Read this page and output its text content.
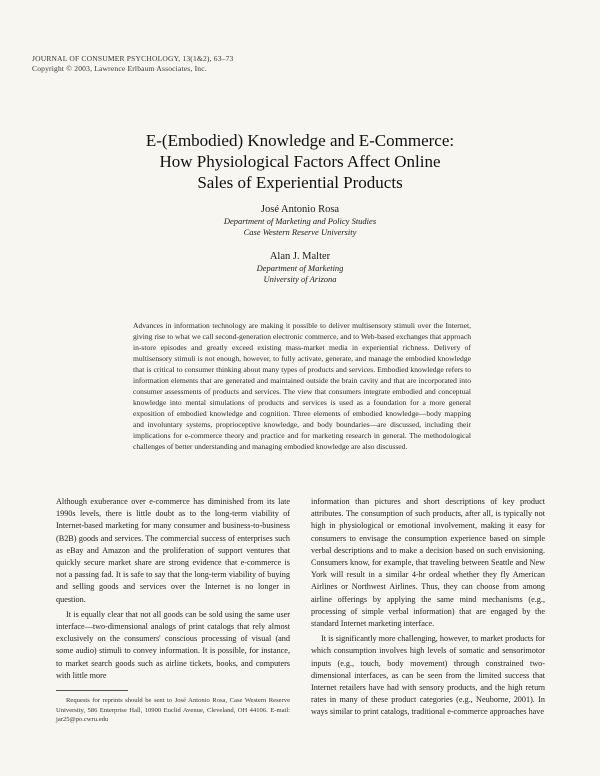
JOURNAL OF CONSUMER PSYCHOLOGY, 13(1&2), 63–73
Copyright © 2003, Lawrence Erlbaum Associates, Inc.
E-(Embodied) Knowledge and E-Commerce:
How Physiological Factors Affect Online
Sales of Experiential Products
José Antonio Rosa
Department of Marketing and Policy Studies
Case Western Reserve University
Alan J. Malter
Department of Marketing
University of Arizona
Advances in information technology are making it possible to deliver multisensory stimuli over the Internet, giving rise to what we call second-generation electronic commerce, and to Web-based exchanges that approach in-store episodes and greatly exceed existing mass-market media in experiential richness. Delivery of multisensory stimuli is not enough, however, to fully activate, generate, and manage the embodied knowledge that is critical to consumer thinking about many types of products and services. Embodied knowledge refers to information elements that are generated and maintained outside the brain cavity and that are incorporated into consumer assessments of products and services. The view that consumers integrate embodied and conceptual knowledge into mental simulations of products and services is used as a foundation for a more general exposition of embodied knowledge and cognition. Three elements of embodied knowledge—body mapping and involuntary systems, proprioceptive knowledge, and body boundaries—are discussed, including their implications for e-commerce theory and practice and for marketing research in general. The methodological challenges of better understanding and managing embodied knowledge are also discussed.

Although exuberance over e-commerce has diminished from its late 1990s levels, there is little doubt as to the long-term viability of Internet-based marketing for many consumer and business-to-business (B2B) goods and services. The commercial success of enterprises such as eBay and Amazon and the proliferation of support ventures that quickly secure market share are strong evidence that e-commerce is not a passing fad. It is safe to say that the long-term viability of buying and selling goods and services over the Internet is no longer in question.

It is equally clear that not all goods can be sold using the same user interface—two-dimensional analogs of print catalogs that rely almost exclusively on the consumers' conscious processing of visual (and some audio) stimuli to convey information. It is possible, for instance, to market search goods such as airline tickets, books, and computers with little more

information than pictures and short descriptions of key product attributes. The consumption of such products, after all, is typically not high in physiological or emotional involvement, making it easy for consumers to envisage the consumption experience based on simple verbal descriptions and to make a decision based on such envisioning. Consumers know, for example, that traveling between Seattle and New York will result in a similar 4-hr ordeal whether they fly American Airlines or Northwest Airlines. Thus, they can choose from among airline offerings by applying the same mind mechanisms (e.g., processing of simple verbal information) that are engaged by the standard Internet marketing interface.

It is significantly more challenging, however, to market products for which consumption involves high levels of somatic and sensorimotor inputs (e.g., touch, body movement) through constrained two-dimensional interfaces, as can be seen from the limited success that Internet retailers have had with sensory products, and the high return rates in many of these product categories (e.g., Neuborne, 2001). In ways similar to print catalogs, traditional e-commerce approaches have

Requests for reprints should be sent to José Antonio Rosa, Case Western Reserve University, 586 Enterprise Hall, 10900 Euclid Avenue, Cleveland, OH 44106. E-mail: jar25@po.cwru.edu
